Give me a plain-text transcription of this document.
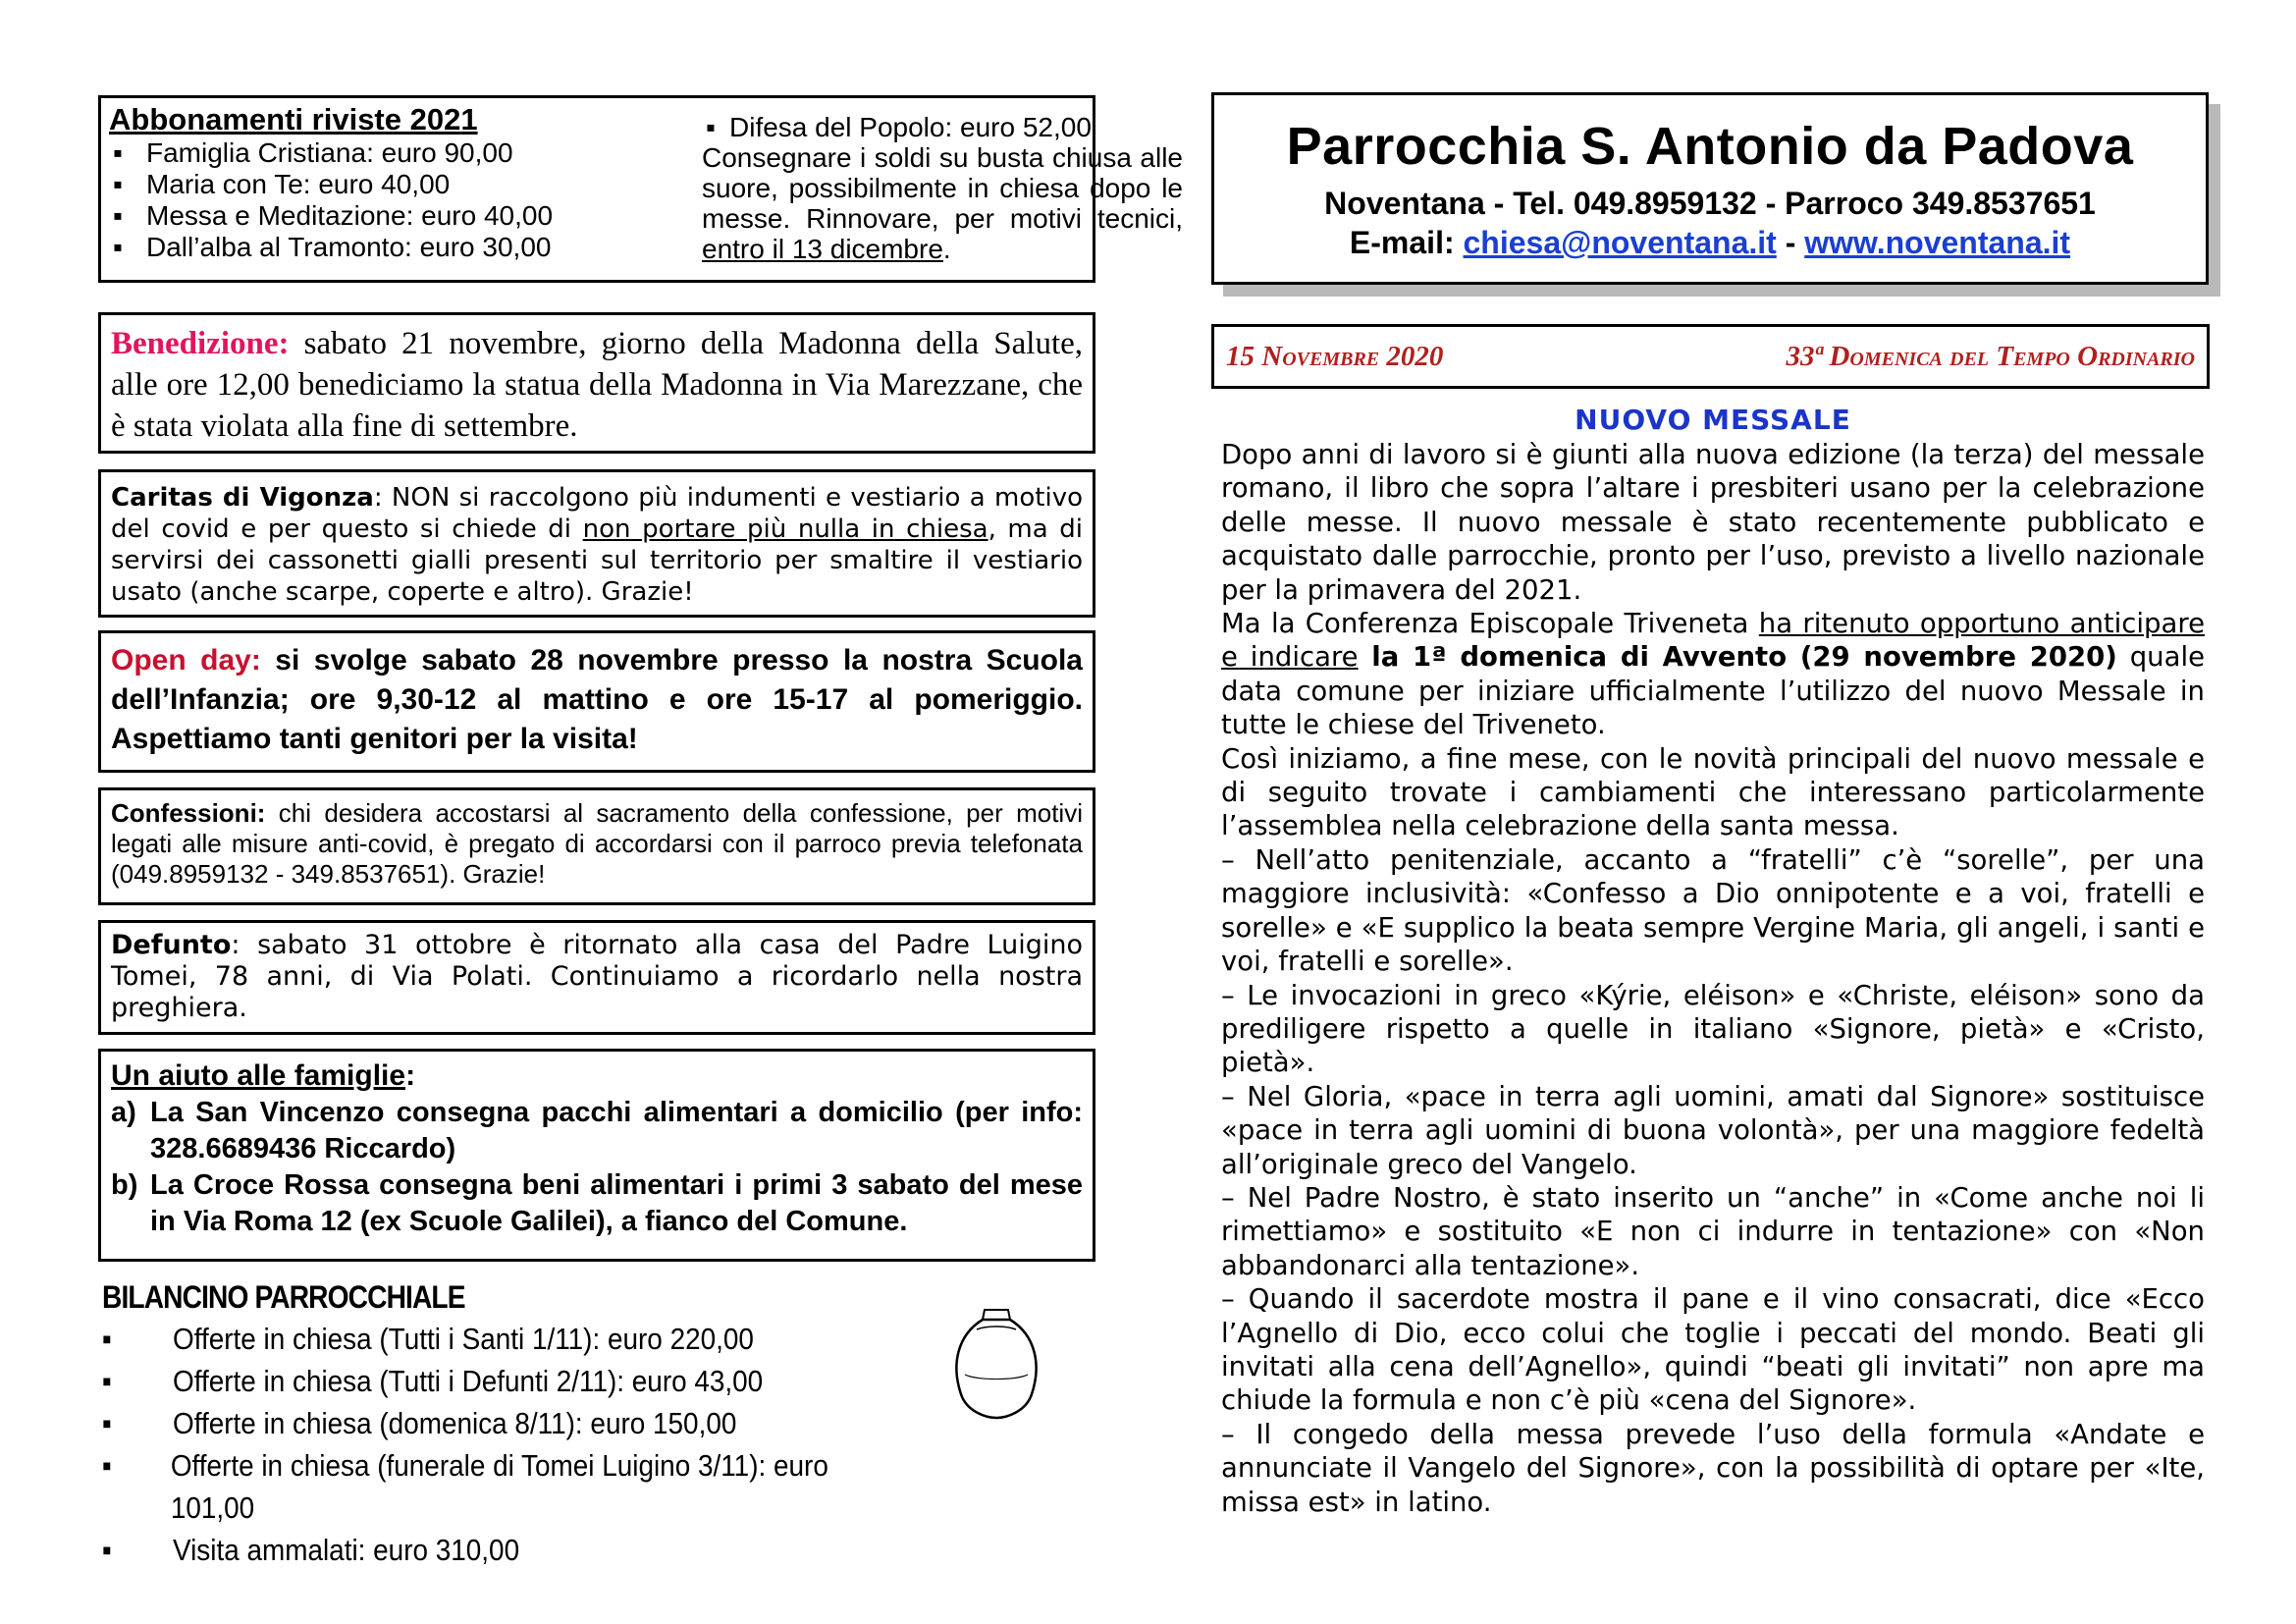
Abbonamenti riviste 2021
▪ Famiglia Cristiana: euro 90,00
▪ Maria con Te: euro 40,00
▪ Messa e Meditazione: euro 40,00
▪ Dall’alba al Tramonto: euro 30,00
▪ Difesa del Popolo: euro 52,00

Consegnare i soldi su busta chiusa alle suore, possibilmente in chiesa dopo le messe. Rinnovare, per motivi tecnici, entro il 13 dicembre.

Benedizione: sabato 21 novembre, giorno della Madonna della Salute, alle ore 12,00 benediciamo la statua della Madonna in Via Marezzane, che è stata violata alla fine di settembre.

Caritas di Vigonza: NON si raccolgono più indumenti e vestiario a motivo del covid e per questo si chiede di non portare più nulla in chiesa, ma di servirsi dei cassonetti gialli presenti sul territorio per smaltire il vestiario usato (anche scarpe, coperte e altro). Grazie!

Open day: si svolge sabato 28 novembre presso la nostra Scuola dell’Infanzia; ore 9,30-12 al mattino e ore 15-17 al pomeriggio. Aspettiamo tanti genitori per la visita!

Confessioni: chi desidera accostarsi al sacramento della confessione, per motivi legati alle misure anti-covid, è pregato di accordarsi con il parroco previa telefonata (049.8959132 - 349.8537651). Grazie!

Defunto: sabato 31 ottobre è ritornato alla casa del Padre Luigino Tomei, 78 anni, di Via Polati. Continuiamo a ricordarlo nella nostra preghiera.

Un aiuto alle famiglie:
a) La San Vincenzo consegna pacchi alimentari a domicilio (per info: 328.6689436 Riccardo)
b) La Croce Rossa consegna beni alimentari i primi 3 sabato del mese in Via Roma 12 (ex Scuole Galilei), a fianco del Comune.
BILANCINO PARROCCHIALE
▪	Offerte in chiesa (Tutti i Santi 1/11): euro 220,00
▪	Offerte in chiesa (Tutti i Defunti 2/11): euro 43,00
▪	Offerte in chiesa (domenica 8/11): euro 150,00
▪	Offerte in chiesa (funerale di Tomei Luigino 3/11): euro 101,00
▪	Visita ammalati: euro 310,00
Parrocchia S. Antonio da Padova
Noventana - Tel. 049.8959132 - Parroco 349.8537651
E-mail: chiesa@noventana.it - www.noventana.it
15 Novembre 2020	33ª Domenica del Tempo Ordinario
NUOVO MESSALE

Dopo anni di lavoro si è giunti alla nuova edizione (la terza) del messale romano, il libro che sopra l’altare i presbiteri usano per la celebrazione delle messe. Il nuovo messale è stato recentemente pubblicato e acquistato dalle parrocchie, pronto per l’uso, previsto a livello nazionale per la primavera del 2021.

Ma la Conferenza Episcopale Triveneta ha ritenuto opportuno anticipare e indicare la 1ª domenica di Avvento (29 novembre 2020) quale data comune per iniziare ufficialmente l’utilizzo del nuovo Messale in tutte le chiese del Triveneto.

Così iniziamo, a fine mese, con le novità principali del nuovo messale e di seguito trovate i cambiamenti che interessano particolarmente l’assemblea nella celebrazione della santa messa.

– Nell’atto penitenziale, accanto a “fratelli” c’è “sorelle”, per una maggiore inclusività: «Confesso a Dio onnipotente e a voi, fratelli e sorelle» e «E supplico la beata sempre Vergine Maria, gli angeli, i santi e voi, fratelli e sorelle».

– Le invocazioni in greco «Kýrie, eléison» e «Christe, eléison» sono da prediligere rispetto a quelle in italiano «Signore, pietà» e «Cristo, pietà».

– Nel Gloria, «pace in terra agli uomini, amati dal Signore» sostituisce «pace in terra agli uomini di buona volontà», per una maggiore fedeltà all’originale greco del Vangelo.

– Nel Padre Nostro, è stato inserito un “anche” in «Come anche noi li rimettiamo» e sostituito «E non ci indurre in tentazione» con «Non abbandonarci alla tentazione».

– Quando il sacerdote mostra il pane e il vino consacrati, dice «Ecco l’Agnello di Dio, ecco colui che toglie i peccati del mondo. Beati gli invitati alla cena dell’Agnello», quindi “beati gli invitati” non apre ma chiude la formula e non c’è più «cena del Signore».

– Il congedo della messa prevede l’uso della formula «Andate e annunciate il Vangelo del Signore», con la possibilità di optare per «Ite, missa est» in latino.
